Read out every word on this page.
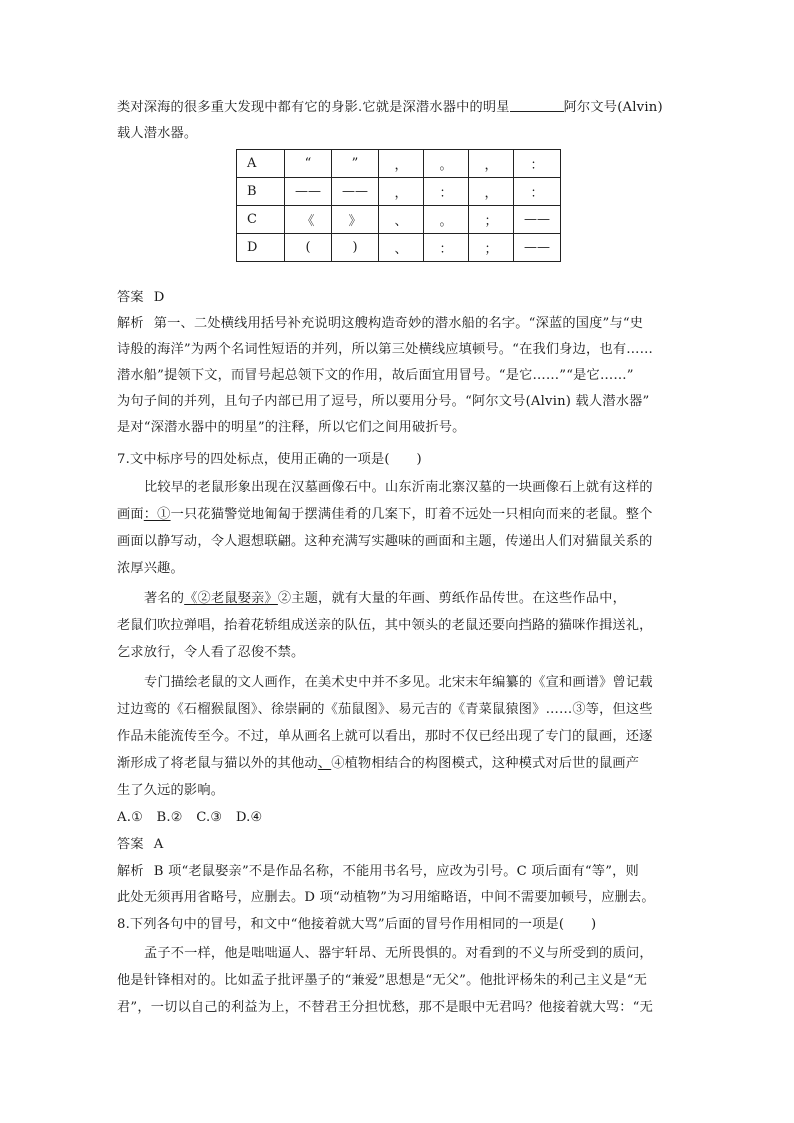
类对深海的很多重大发现中都有它的身影.它就是深潜水器中的明星	阿尔文号(Alvin)
载人潜水器。
A	“	”	，	。	，	：
B	——	——	，	：	，	：
C	《	》	、	。	；	——
D	(	)	、	：	；	——
答案 D
解析 第一、二处横线用括号补充说明这艘构造奇妙的潜水船的名字。“深蓝的国度”与“史
诗般的海洋”为两个名词性短语的并列，所以第三处横线应填顿号。“在我们身边，也有……
潜水船”提领下文，而冒号起总领下文的作用，故后面宜用冒号。“是它……”“是它……”
为句子间的并列，且句子内部已用了逗号，所以要用分号。“阿尔文号(Alvin) 载人潜水器”
是对“深潜水器中的明星”的注释，所以它们之间用破折号。
7.文中标序号的四处标点，使用正确的一项是(　　)
比较早的老鼠形象出现在汉墓画像石中。山东沂南北寨汉墓的一块画像石上就有这样的
画面：①一只花猫警觉地匍匐于摆满佳肴的几案下，盯着不远处一只相向而来的老鼠。整个
画面以静写动，令人遐想联翩。这种充满写实趣味的画面和主题，传递出人们对猫鼠关系的
浓厚兴趣。
著名的《②老鼠娶亲》②主题，就有大量的年画、剪纸作品传世。在这些作品中，
老鼠们吹拉弹唱，抬着花轿组成送亲的队伍，其中领头的老鼠还要向挡路的猫咪作揖送礼，
乞求放行，令人看了忍俊不禁。
专门描绘老鼠的文人画作，在美术史中并不多见。北宋末年编纂的《宣和画谱》曾记载
过边鸾的《石榴猴鼠图》、徐崇嗣的《茄鼠图》、易元吉的《青菜鼠猿图》……③等，但这些
作品未能流传至今。不过，单从画名上就可以看出，那时不仅已经出现了专门的鼠画，还逐
渐形成了将老鼠与猫以外的其他动、④植物相结合的构图模式，这种模式对后世的鼠画产
生了久远的影响。
A.①　B.②　C.③　D.④
答案 A
解析 B 项“老鼠娶亲”不是作品名称，不能用书名号，应改为引号。C 项后面有“等”，则
此处无须再用省略号，应删去。D 项“动植物”为习用缩略语，中间不需要加顿号，应删去。
8.下列各句中的冒号，和文中“他接着就大骂”后面的冒号作用相同的一项是(　　)
孟子不一样，他是咄咄逼人、器宇轩昂、无所畏惧的。对看到的不义与所受到的质问，
他是针锋相对的。比如孟子批评墨子的“兼爱”思想是“无父”。他批评杨朱的利己主义是“无
君”，一切以自己的利益为上，不替君王分担忧愁，那不是眼中无君吗？他接着就大骂：“无
